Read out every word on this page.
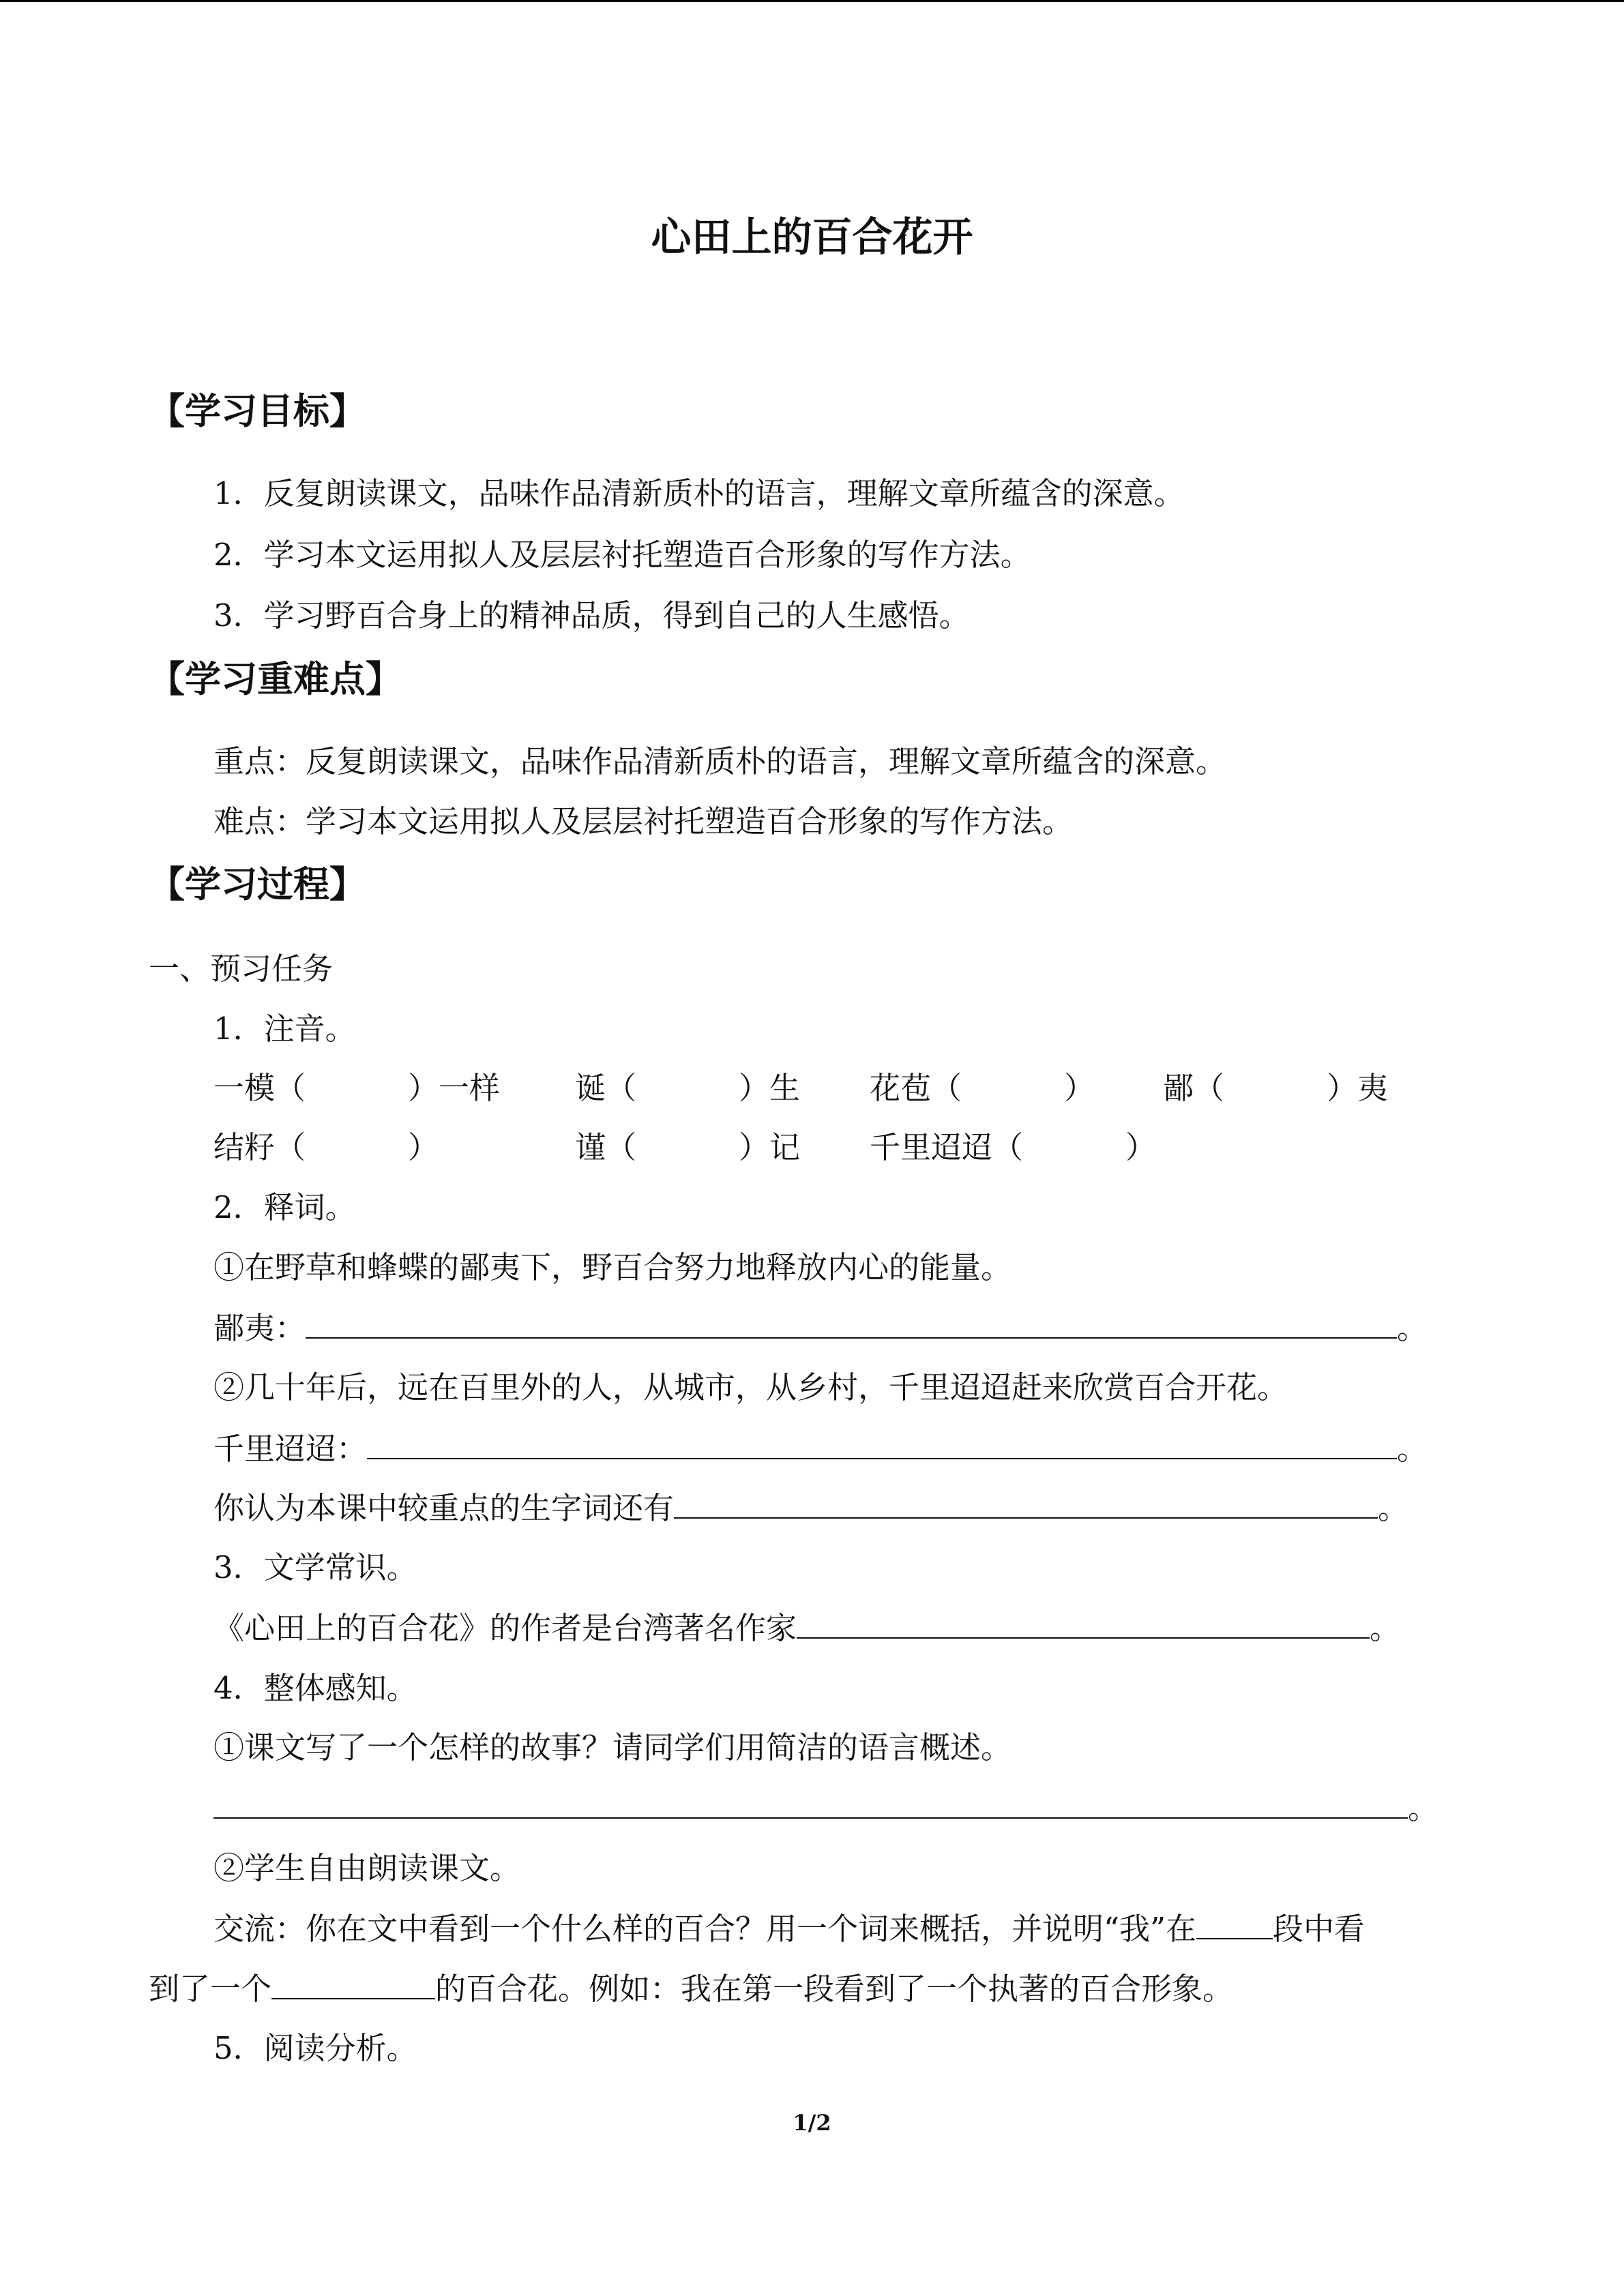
心田上的百合花开
【学习目标】
1．反复朗读课文，品味作品清新质朴的语言，理解文章所蕴含的深意。
2．学习本文运用拟人及层层衬托塑造百合形象的写作方法。
3．学习野百合身上的精神品质，得到自己的人生感悟。
【学习重难点】
重点：反复朗读课文，品味作品清新质朴的语言，理解文章所蕴含的深意。
难点：学习本文运用拟人及层层衬托塑造百合形象的写作方法。
【学习过程】
一、预习任务
1．注音。
一模（	）一样 诞（	）生 花苞（	） 鄙（	）夷
结籽（	）	谨（	）记 千里迢迢（	）
2．释词。
①在野草和蜂蝶的鄙夷下，野百合努力地释放内心的能量。
鄙夷：	。
②几十年后，远在百里外的人，从城市，从乡村，千里迢迢赶来欣赏百合开花。
千里迢迢：	。
你认为本课中较重点的生字词还有	。
3．文学常识。
《心田上的百合花》的作者是台湾著名作家	。
4．整体感知。
①课文写了一个怎样的故事？请同学们用简洁的语言概述。
。
②学生自由朗读课文。
交流：你在文中看到一个什么样的百合？用一个词来概括，并说明“我”在 段中看
到了一个	的百合花。例如：我在第一段看到了一个执著的百合形象。
5．阅读分析。
1/2
